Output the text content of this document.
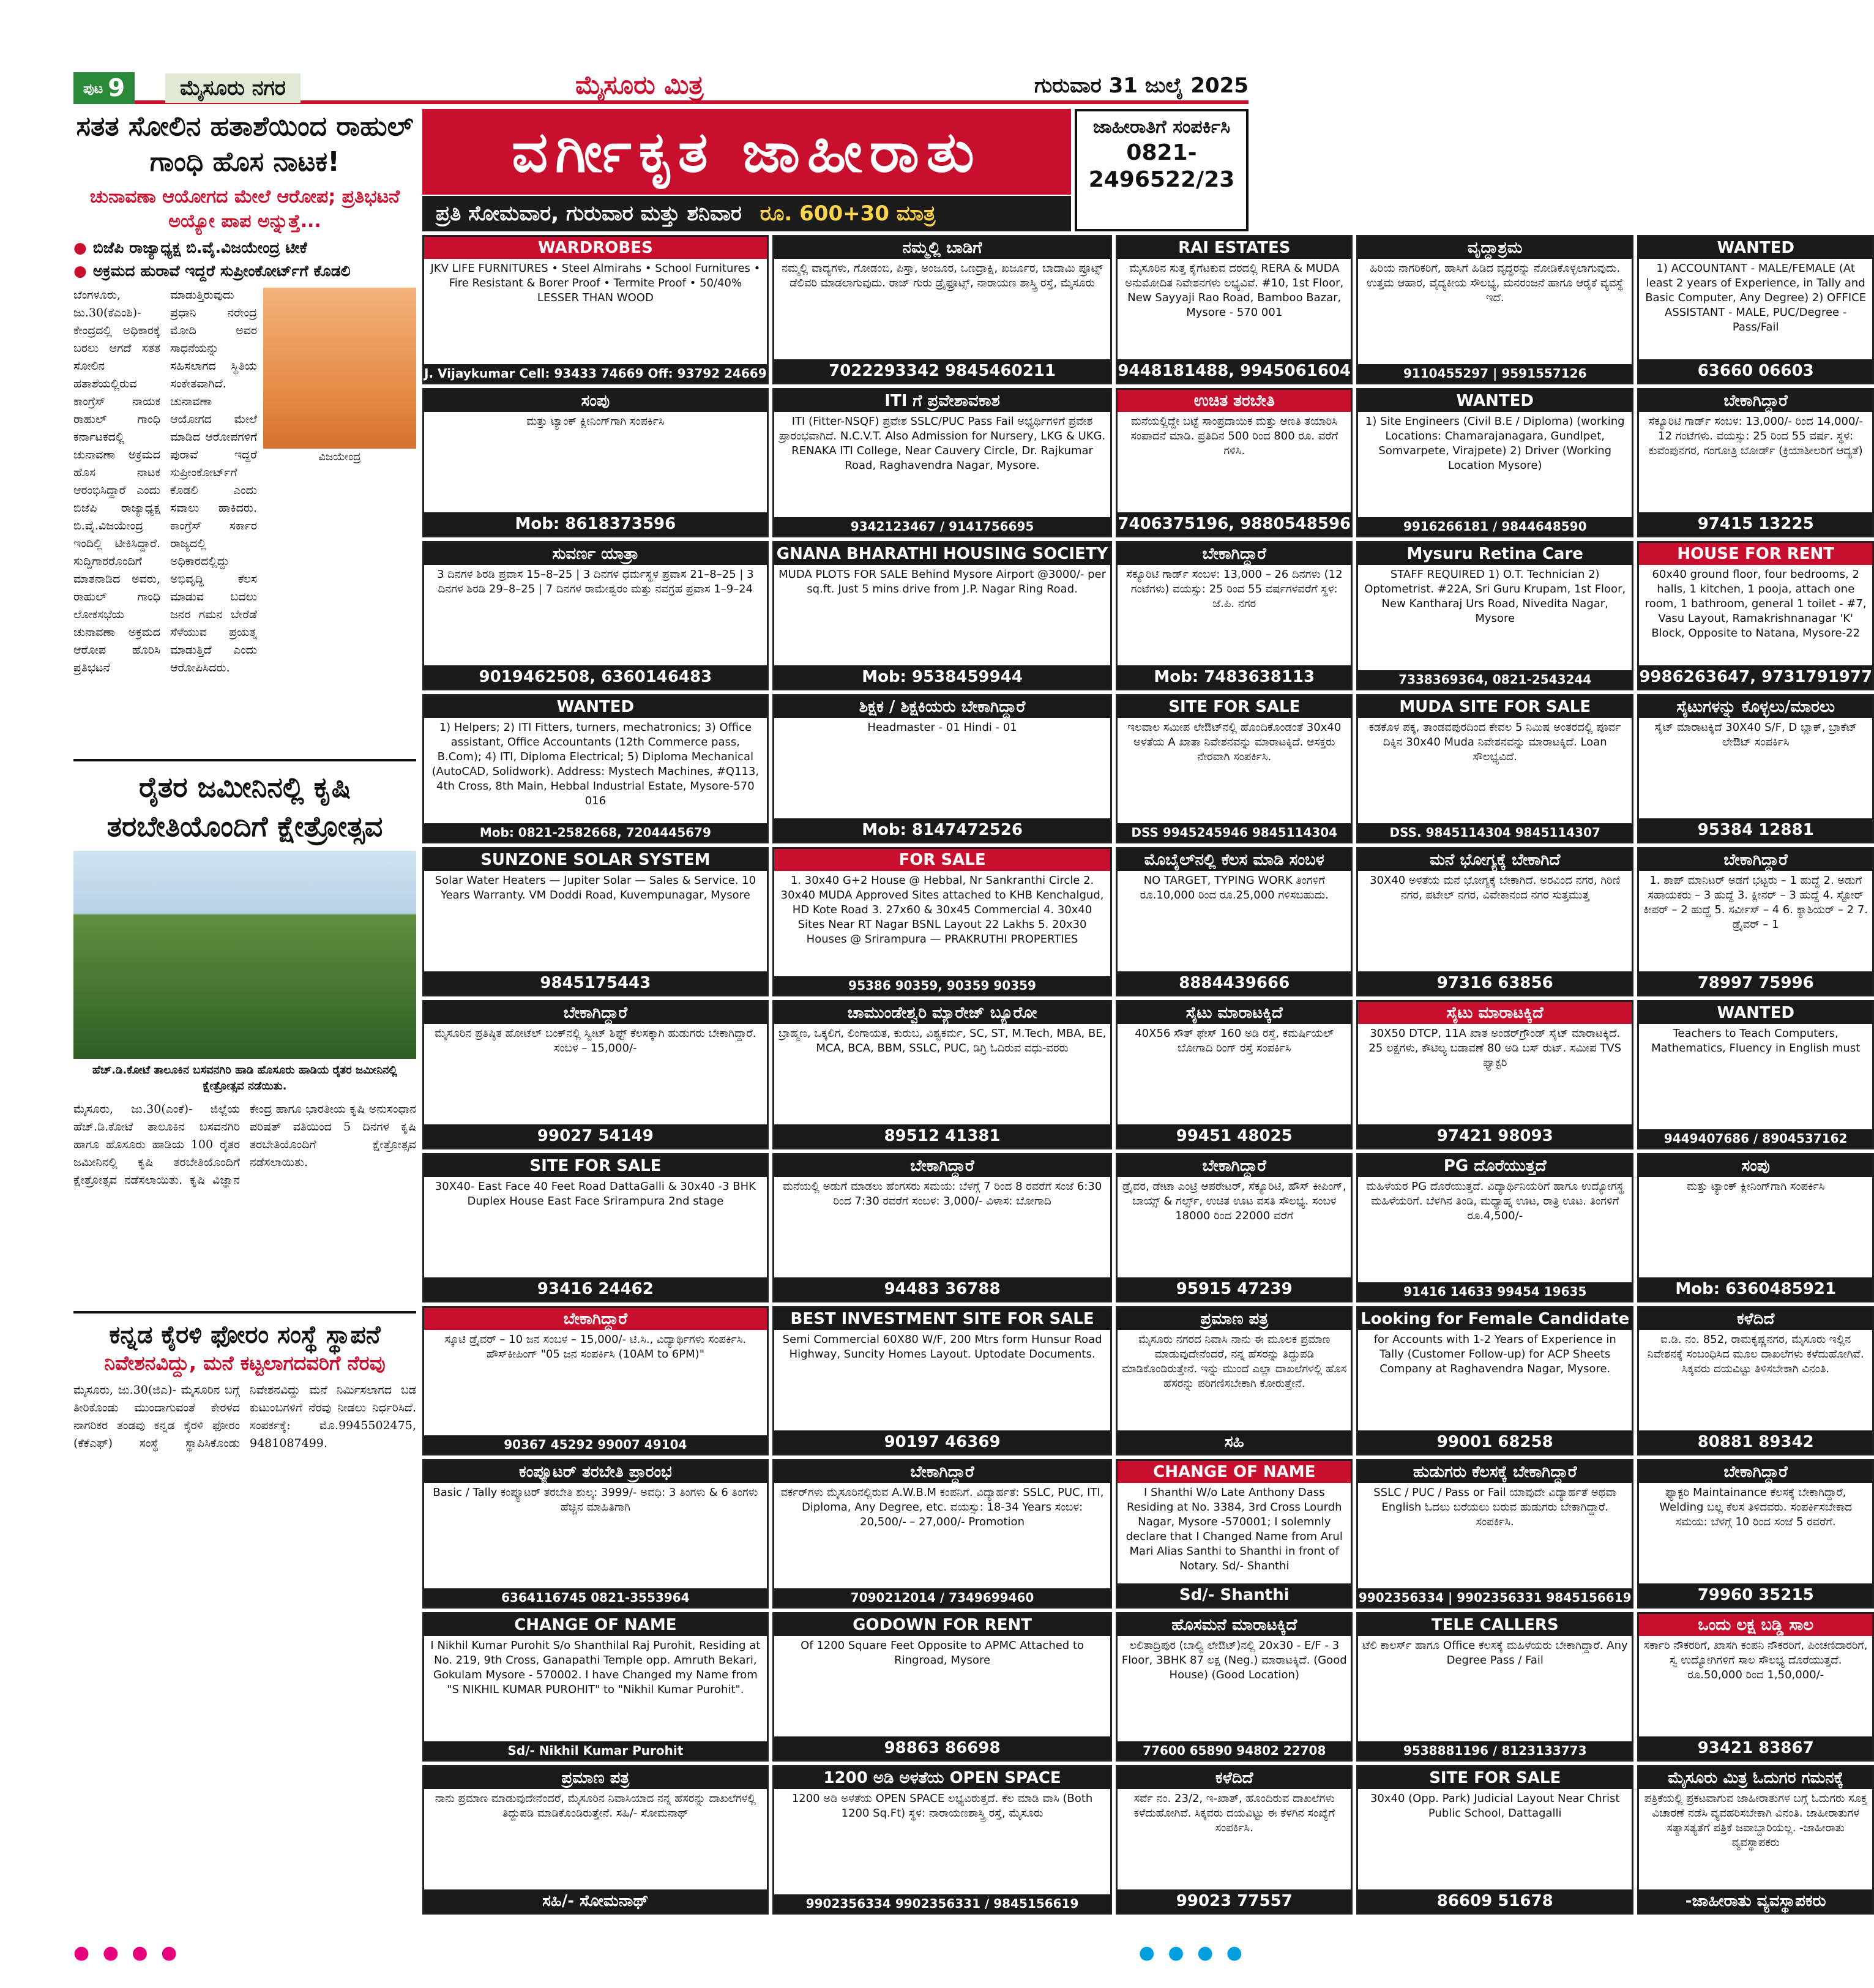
ಪುಟ 9	ಮೈಸೂರು ನಗರ	ಮೈಸೂರು ಮಿತ್ರ	ಗುರುವಾರ 31 ಜುಲೈ 2025
ಸತತ ಸೋಲಿನ ಹತಾಶೆಯಿಂದ ರಾಹುಲ್ ಗಾಂಧಿ ಹೊಸ ನಾಟಕ!
ಚುನಾವಣಾ ಆಯೋಗದ ಮೇಲೆ ಆರೋಪ; ಪ್ರತಿಭಟನೆ ಅಯ್ಯೋ ಪಾಪ ಅನ್ನುತ್ತೆ...
● ಬಿಜೆಪಿ ರಾಜ್ಯಾಧ್ಯಕ್ಷ ಬಿ.ವೈ.ವಿಜಯೇಂದ್ರ ಟೀಕೆ
● ಅಕ್ರಮದ ಹುರಾವೆ ಇದ್ದರೆ ಸುಪ್ರೀಂಕೋರ್ಟ್‌ಗೆ ಕೊಡಲಿ
ವಿಜಯೇಂದ್ರ
ಬೆಂಗಳೂರು, ಜು.30(ಕೆಎಂಶಿ)- ಕೇಂದ್ರದಲ್ಲಿ ಅಧಿಕಾರಕ್ಕೆ ಬರಲು ಆಗದೆ ಸತತ ಸೋಲಿನ ಹತಾಶೆಯಲ್ಲಿರುವ ಕಾಂಗ್ರೆಸ್ ನಾಯಕ ರಾಹುಲ್ ಗಾಂಧಿ ಕರ್ನಾಟಕದಲ್ಲಿ ಚುನಾವಣಾ ಅಕ್ರಮದ ಹೊಸ ನಾಟಕ ಆರಂಭಿಸಿದ್ದಾರೆ ಎಂದು ಬಿಜೆಪಿ ರಾಜ್ಯಾಧ್ಯಕ್ಷ ಬಿ.ವೈ.ವಿಜಯೇಂದ್ರ ಇಂದಿಲ್ಲಿ ಟೀಕಿಸಿದ್ದಾರೆ. ಸುದ್ದಿಗಾರರೊಂದಿಗೆ ಮಾತನಾಡಿದ ಅವರು, ರಾಹುಲ್ ಗಾಂಧಿ ಲೋಕಸಭೆಯ ಚುನಾವಣಾ ಅಕ್ರಮದ ಆರೋಪ ಹೊರಿಸಿ ಪ್ರತಿಭಟನೆ ಮಾಡುತ್ತಿರುವುದು ಪ್ರಧಾನಿ ನರೇಂದ್ರ ಮೋದಿ ಅವರ ಸಾಧನೆಯನ್ನು ಸಹಿಸಲಾಗದ ಸ್ಥಿತಿಯ ಸಂಕೇತವಾಗಿದೆ. ಚುನಾವಣಾ ಆಯೋಗದ ಮೇಲೆ ಮಾಡಿದ ಆರೋಪಗಳಿಗೆ ಪುರಾವೆ ಇದ್ದರೆ ಸುಪ್ರೀಂಕೋರ್ಟ್‌ಗೆ ಕೊಡಲಿ ಎಂದು ಸವಾಲು ಹಾಕಿದರು. ಕಾಂಗ್ರೆಸ್ ಸರ್ಕಾರ ರಾಜ್ಯದಲ್ಲಿ ಅಧಿಕಾರದಲ್ಲಿದ್ದು ಅಭಿವೃದ್ಧಿ ಕೆಲಸ ಮಾಡುವ ಬದಲು ಜನರ ಗಮನ ಬೇರೆಡೆ ಸೆಳೆಯುವ ಪ್ರಯತ್ನ ಮಾಡುತ್ತಿದೆ ಎಂದು ಆರೋಪಿಸಿದರು.
ರೈತರ ಜಮೀನಿನಲ್ಲಿ ಕೃಷಿ ತರಬೇತಿಯೊಂದಿಗೆ ಕ್ಷೇತ್ರೋತ್ಸವ
ಹೆಚ್.ಡಿ.ಕೋಟೆ ತಾಲೂಕಿನ ಬಸವನಗಿರಿ ಹಾಡಿ ಹೊಸೂರು ಹಾಡಿಯ ರೈತರ ಜಮೀನಿನಲ್ಲಿ ಕ್ಷೇತ್ರೋತ್ಸವ ನಡೆಯಿತು.
ಮೈಸೂರು, ಜು.30(ಎಂಕೆ)- ಜಿಲ್ಲೆಯ ಹೆಚ್.ಡಿ.ಕೋಟೆ ತಾಲೂಕಿನ ಬಸವನಗಿರಿ ಹಾಗೂ ಹೊಸೂರು ಹಾಡಿಯ 100 ರೈತರ ಜಮೀನಿನಲ್ಲಿ ಕೃಷಿ ತರಬೇತಿಯೊಂದಿಗೆ ಕ್ಷೇತ್ರೋತ್ಸವ ನಡೆಸಲಾಯಿತು. ಕೃಷಿ ವಿಜ್ಞಾನ ಕೇಂದ್ರ ಹಾಗೂ ಭಾರತೀಯ ಕೃಷಿ ಅನುಸಂಧಾನ ಪರಿಷತ್ ವತಿಯಿಂದ 5 ದಿನಗಳ ಕೃಷಿ ತರಬೇತಿಯೊಂದಿಗೆ ಕ್ಷೇತ್ರೋತ್ಸವ ನಡೆಸಲಾಯಿತು.
ಕನ್ನಡ ಕೈರಳಿ ಫೋರಂ ಸಂಸ್ಥೆ ಸ್ಥಾಪನೆ
ನಿವೇಶನವಿದ್ದು, ಮನೆ ಕಟ್ಟಲಾಗದವರಿಗೆ ನೆರವು
ಮೈಸೂರು, ಜು.30(ಜಿಎ)- ಮೈಸೂರಿನ ಬಗ್ಗೆ ತೀರಿಕೊಂಡು ಮುಂದಾಗುವಂತೆ ಕೇರಳದ ನಾಗರಿಕರ ತಂಡವು ಕನ್ನಡ ಕೈರಳಿ ಫೋರಂ (ಕೆಕೆಎಫ್) ಸಂಸ್ಥೆ ಸ್ಥಾಪಿಸಿಕೊಂಡು ನಿವೇಶನವಿದ್ದು ಮನೆ ನಿರ್ಮಿಸಲಾಗದ ಬಡ ಕುಟುಂಬಗಳಿಗೆ ನೆರವು ನೀಡಲು ನಿರ್ಧರಿಸಿದೆ. ಸಂಪರ್ಕಕ್ಕೆ: ಮೊ.9945502475, 9481087499.
ವರ್ಗೀಕೃತ ಜಾಹೀರಾತು
ಪ್ರತಿ ಸೋಮವಾರ, ಗುರುವಾರ ಮತ್ತು ಶನಿವಾರ ರೂ. 600+30 ಮಾತ್ರ
ಜಾಹೀರಾತಿಗೆ ಸಂಪರ್ಕಿಸಿ
0821-2496522/23
WARDROBES
JKV LIFE FURNITURES • Steel Almirahs • School Furnitures • Fire Resistant & Borer Proof • Termite Proof • 50/40% LESSER THAN WOOD
J. Vijaykumar Cell: 93433 74669 Off: 93792 24669
ನಮ್ಮಲ್ಲಿ ಬಾಡಿಗೆ
ನಮ್ಮಲ್ಲಿ ವಾದ್ಯಗಳು, ಗೋಡಂಬಿ, ಪಿಸ್ತಾ, ಅಂಜೂರ, ಒಣದ್ರಾಕ್ಷಿ, ಖರ್ಜೂರ, ಬಾದಾಮಿ ಪ್ರೂಟ್ಸ್ ಡೆಲಿವರಿ ಮಾಡಲಾಗುವುದು. ರಾಜ್ ಗುರು ಡ್ರೈಫ್ರೂಟ್ಸ್, ನಾರಾಯಣ ಶಾಸ್ತ್ರಿ ರಸ್ತೆ, ಮೈಸೂರು
7022293342 9845460211
RAI ESTATES
ಮೈಸೂರಿನ ಸುತ್ತ ಕೈಗೆಟಕುವ ದರದಲ್ಲಿ RERA & MUDA ಅನುಮೋದಿತ ನಿವೇಶನಗಳು ಲಭ್ಯವಿವೆ. #10, 1st Floor, New Sayyaji Rao Road, Bamboo Bazar, Mysore - 570 001
9448181488, 9945061604
ವೃದ್ಧಾಶ್ರಮ
ಹಿರಿಯ ನಾಗರಿಕರಿಗೆ, ಹಾಸಿಗೆ ಹಿಡಿದ ವೃದ್ಧರನ್ನು ನೋಡಿಕೊಳ್ಳಲಾಗುವುದು. ಉತ್ತಮ ಆಹಾರ, ವೈದ್ಯಕೀಯ ಸೌಲಭ್ಯ, ಮನರಂಜನೆ ಹಾಗೂ ಆರೈಕೆ ವ್ಯವಸ್ಥೆ ಇದೆ.
9110455297 | 9591557126
WANTED
1) ACCOUNTANT - MALE/FEMALE (At least 2 years of Experience, in Tally and Basic Computer, Any Degree) 2) OFFICE ASSISTANT - MALE, PUC/Degree - Pass/Fail
63660 06603
ಸಂಪು
ಮತ್ತು ಟ್ಯಾಂಕ್ ಕ್ಲೀನಿಂಗ್‌ಗಾಗಿ ಸಂಪರ್ಕಿಸಿ
Mob: 8618373596
ITI ಗೆ ಪ್ರವೇಶಾವಕಾಶ
ITI (Fitter-NSQF) ಪ್ರವೇಶ SSLC/PUC Pass Fail ಅಭ್ಯರ್ಥಿಗಳಿಗೆ ಪ್ರವೇಶ ಪ್ರಾರಂಭವಾಗಿದೆ. N.C.V.T. Also Admission for Nursery, LKG & UKG. RENAKA ITI College, Near Cauvery Circle, Dr. Rajkumar Road, Raghavendra Nagar, Mysore.
9342123467 / 9141756695
ಉಚಿತ ತರಬೇತಿ
ಮನೆಯಲ್ಲಿದ್ದೇ ಬಟ್ಟೆ ಸಾಂಪ್ರದಾಯಿಕ ಮತ್ತು ಆಣತಿ ತಯಾರಿಸಿ ಸಂಪಾದನೆ ಮಾಡಿ. ಪ್ರತಿದಿನ 500 ರಿಂದ 800 ರೂ. ವರೆಗೆ ಗಳಿಸಿ.
7406375196, 9880548596
WANTED
1) Site Engineers (Civil B.E / Diploma) (working Locations: Chamarajanagara, Gundlpet, Somvarpete, Virajpete) 2) Driver (Working Location Mysore)
9916266181 / 9844648590
ಬೇಕಾಗಿದ್ದಾರೆ
ಸೆಕ್ಯೂರಿಟಿ ಗಾರ್ಡ್ ಸಂಬಳ: 13,000/- ರಿಂದ 14,000/- 12 ಗಂಟೆಗಳು. ವಯಸ್ಸು: 25 ರಿಂದ 55 ವರ್ಷ. ಸ್ಥಳ: ಕುವೆಂಪುನಗರ, ಗಂಗೋತ್ರಿ ಬೋರ್ಡ್ (ಕ್ರಿಯಾಶೀಲರಿಗೆ ಆದ್ಯತೆ)
97415 13225
ಸುವರ್ಣ ಯಾತ್ರಾ
3 ದಿನಗಳ ಶಿರಡಿ ಪ್ರವಾಸ 15–8–25 | 3 ದಿನಗಳ ಧರ್ಮಸ್ಥಳ ಪ್ರವಾಸ 21–8–25 | 3 ದಿನಗಳ ಶಿರಡಿ 29–8–25 | 7 ದಿನಗಳ ರಾಮೇಶ್ವರಂ ಮತ್ತು ನವಗ್ರಹ ಪ್ರವಾಸ 1–9–24
9019462508, 6360146483
GNANA BHARATHI HOUSING SOCIETY
MUDA PLOTS FOR SALE Behind Mysore Airport @3000/- per sq.ft. Just 5 mins drive from J.P. Nagar Ring Road.
Mob: 9538459944
ಬೇಕಾಗಿದ್ದಾರೆ
ಸೆಕ್ಯೂರಿಟಿ ಗಾರ್ಡ್ ಸಂಬಳ: 13,000 – 26 ದಿನಗಳು (12 ಗಂಟೆಗಳು) ವಯಸ್ಸು: 25 ರಿಂದ 55 ವರ್ಷಗಳವರೆಗೆ ಸ್ಥಳ: ಜೆ.ಪಿ. ನಗರ
Mob: 7483638113
Mysuru Retina Care
STAFF REQUIRED 1) O.T. Technician 2) Optometrist. #22A, Sri Guru Krupam, 1st Floor, New Kantharaj Urs Road, Nivedita Nagar, Mysore
7338369364, 0821-2543244
HOUSE FOR RENT
60x40 ground floor, four bedrooms, 2 halls, 1 kitchen, 1 pooja, attach one room, 1 bathroom, general 1 toilet - #7, Vasu Layout, Ramakrishnanagar 'K' Block, Opposite to Natana, Mysore-22
9986263647, 9731791977
WANTED
1) Helpers; 2) ITI Fitters, turners, mechatronics; 3) Office assistant, Office Accountants (12th Commerce pass, B.Com); 4) ITI, Diploma Electrical; 5) Diploma Mechanical (AutoCAD, Solidwork). Address: Mystech Machines, #Q113, 4th Cross, 8th Main, Hebbal Industrial Estate, Mysore-570 016
Mob: 0821-2582668, 7204445679
ಶಿಕ್ಷಕ / ಶಿಕ್ಷಕಿಯರು ಬೇಕಾಗಿದ್ದಾರೆ
Headmaster - 01 Hindi - 01
Mob: 8147472526
SITE FOR SALE
ಇಲವಾಲ ಸಮೀಪ ಲೇಔಟ್‌ನಲ್ಲಿ ಹೊಂದಿಕೊಂಡಂತೆ 30x40 ಅಳತೆಯ A ಖಾತಾ ನಿವೇಶನವನ್ನು ಮಾರಾಟಕ್ಕಿದೆ. ಆಸಕ್ತರು ನೇರವಾಗಿ ಸಂಪರ್ಕಿಸಿ.
DSS 9945245946 9845114304
MUDA SITE FOR SALE
ಕಡಕೊಳ ಪಕ್ಕ, ತಾಂಡವಪುರದಿಂದ ಕೇವಲ 5 ನಿಮಿಷ ಅಂತರದಲ್ಲಿ ಪೂರ್ವ ದಿಕ್ಕಿನ 30x40 Muda ನಿವೇಶನವನ್ನು ಮಾರಾಟಕ್ಕಿದೆ. Loan ಸೌಲಭ್ಯವಿದೆ.
DSS. 9845114304 9845114307
ಸೈಟುಗಳನ್ನು ಕೊಳ್ಳಲು/ಮಾರಲು
ಸೈಟ್ ಮಾರಾಟಕ್ಕಿದೆ 30X40 S/F, D ಬ್ಲಾಕ್, ಬ್ರಾಕೆಟ್ ಲೇಔಟ್ ಸಂಪರ್ಕಿಸಿ
95384 12881
SUNZONE SOLAR SYSTEM
Solar Water Heaters — Jupiter Solar — Sales & Service. 10 Years Warranty. VM Doddi Road, Kuvempunagar, Mysore
9845175443
FOR SALE
1. 30x40 G+2 House @ Hebbal, Nr Sankranthi Circle 2. 30x40 MUDA Approved Sites attached to KHB Kenchalgud, HD Kote Road 3. 27x60 & 30x45 Commercial 4. 30x40 Sites Near RT Nagar BSNL Layout 22 Lakhs 5. 20x30 Houses @ Srirampura — PRAKRUTHI PROPERTIES
95386 90359, 90359 90359
ಮೊಬೈಲ್‌ನಲ್ಲಿ ಕೆಲಸ ಮಾಡಿ ಸಂಬಳ
NO TARGET, TYPING WORK ತಿಂಗಳಿಗೆ ರೂ.10,000 ರಿಂದ ರೂ.25,000 ಗಳಿಸಬಹುದು.
8884439666
ಮನೆ ಭೋಗ್ಯಕ್ಕೆ ಬೇಕಾಗಿದೆ
30X40 ಅಳತೆಯ ಮನೆ ಭೋಗ್ಯಕ್ಕೆ ಬೇಕಾಗಿದೆ. ಅರವಿಂದ ನಗರ, ಗಿರಿಣಿ ನಗರ, ಪಟೇಲ್ ನಗರ, ವಿವೇಕಾನಂದ ನಗರ ಸುತ್ತಮುತ್ತ
97316 63856
ಬೇಕಾಗಿದ್ದಾರೆ
1. ಶಾಪ್ ಮಾನಿಟರ್ ಅಡಗೆ ಭಟ್ಟರು – 1 ಹುದ್ದೆ 2. ಅಡುಗೆ ಸಹಾಯಕರು – 3 ಹುದ್ದೆ 3. ಕ್ಲೀನರ್ – 3 ಹುದ್ದೆ 4. ಸ್ಟೋರ್ ಕೀಪರ್ – 2 ಹುದ್ದೆ 5. ಸರ್ವೀಸ್ – 4 6. ಕ್ಯಾಶಿಯರ್ – 2 7. ಡ್ರೈವರ್ – 1
78997 75996
ಬೇಕಾಗಿದ್ದಾರೆ
ಮೈಸೂರಿನ ಪ್ರತಿಷ್ಠಿತ ಹೋಟೆಲ್ ಬಂಕ್‌ನಲ್ಲಿ ಸ್ವೀಟ್ ಶಿಫ್ಟ್ ಕೆಲಸಕ್ಕಾಗಿ ಹುಡುಗರು ಬೇಕಾಗಿದ್ದಾರೆ. ಸಂಬಳ – 15,000/-
99027 54149
ಚಾಮುಂಡೇಶ್ವರಿ ಮ್ಯಾರೇಜ್ ಬ್ಯೂರೋ
ಬ್ರಾಹ್ಮಣ, ಒಕ್ಕಲಿಗ, ಲಿಂಗಾಯತ, ಕುರುಬ, ವಿಶ್ವಕರ್ಮ, SC, ST, M.Tech, MBA, BE, MCA, BCA, BBM, SSLC, PUC, ಡಿಗ್ರಿ ಓದಿರುವ ವಧು-ವರರು
89512 41381
ಸೈಟು ಮಾರಾಟಕ್ಕಿದೆ
40X56 ಸೌತ್ ಫೇಸ್ 160 ಅಡಿ ರಸ್ತೆ, ಕಮರ್ಷಿಯಲ್ ಬೋಗಾದಿ ರಿಂಗ್ ರಸ್ತೆ ಸಂಪರ್ಕಿಸಿ
99451 48025
ಸೈಟು ಮಾರಾಟಕ್ಕಿದೆ
30X50 DTCP, 11A ಖಾತ ಅಂಡರ್‌ಗ್ರೌಂಡ್ ಸೈಟ್ ಮಾರಾಟಕ್ಕಿದೆ. 25 ಲಕ್ಷಗಳು, ಕೌಟಿಲ್ಯ ಬಡಾವಣೆ 80 ಅಡಿ ಬಸ್ ರುಟ್. ಸಮೀಪ TVS ಫ್ಯಾಕ್ಟರಿ
97421 98093
WANTED
Teachers to Teach Computers, Mathematics, Fluency in English must
9449407686 / 8904537162
SITE FOR SALE
30X40- East Face 40 Feet Road DattaGalli & 30x40 -3 BHK Duplex House East Face Srirampura 2nd stage
93416 24462
ಬೇಕಾಗಿದ್ದಾರೆ
ಮನೆಯಲ್ಲಿ ಅಡುಗೆ ಮಾಡಲು ಹೆಂಗಸರು ಸಮಯ: ಬೆಳಗ್ಗೆ 7 ರಿಂದ 8 ರವರೆಗೆ ಸಂಜೆ 6:30 ರಿಂದ 7:30 ರವರೆಗೆ ಸಂಬಳ: 3,000/- ವಿಳಾಸ: ಬೋಗಾದಿ
94483 36788
ಬೇಕಾಗಿದ್ದಾರೆ
ಡ್ರೈವರ, ಡೇಟಾ ಎಂಟ್ರಿ ಆಪರೇಟರ್, ಸೆಕ್ಯೂರಿಟಿ, ಹೌಸ್ ಕೀಪಿಂಗ್, ಬಾಯ್ಸ್ & ಗರ್ಲ್ಸ್, ಉಚಿತ ಊಟ ವಸತಿ ಸೌಲಭ್ಯ. ಸಂಬಳ 18000 ರಿಂದ 22000 ವರೆಗೆ
95915 47239
PG ದೊರೆಯುತ್ತದೆ
ಮಹಿಳೆಯರ PG ದೊರೆಯುತ್ತದೆ. ವಿದ್ಯಾರ್ಥಿನಿಯರಿಗೆ ಹಾಗೂ ಉದ್ಯೋಗಸ್ಥ ಮಹಿಳೆಯರಿಗೆ. ಬೆಳಗಿನ ತಿಂಡಿ, ಮಧ್ಯಾಹ್ನ ಊಟ, ರಾತ್ರಿ ಊಟ. ತಿಂಗಳಿಗೆ ರೂ.4,500/-
91416 14633 99454 19635
ಸಂಪು
ಮತ್ತು ಟ್ಯಾಂಕ್ ಕ್ಲೀನಿಂಗ್‌ಗಾಗಿ ಸಂಪರ್ಕಿಸಿ
Mob: 6360485921
ಬೇಕಾಗಿದ್ದಾರೆ
ಸ್ಕೂಟಿ ಡ್ರೈವರ್ – 10 ಜನ ಸಂಬಳ – 15,000/- ಟಿ.ಸಿ., ವಿದ್ಯಾರ್ಥಿಗಳು ಸಂಪರ್ಕಿಸಿ. ಹೌಸ್‌ಕೀಪಿಂಗ್ "05 ಜನ ಸಂಪರ್ಕಿಸಿ (10AM to 6PM)"
90367 45292 99007 49104
BEST INVESTMENT SITE FOR SALE
Semi Commercial 60X80 W/F, 200 Mtrs form Hunsur Road Highway, Suncity Homes Layout. Uptodate Documents.
90197 46369
ಪ್ರಮಾಣ ಪತ್ರ
ಮೈಸೂರು ನಗರದ ನಿವಾಸಿ ನಾನು ಈ ಮೂಲಕ ಪ್ರಮಾಣ ಮಾಡುವುದೇನೆಂದರೆ, ನನ್ನ ಹೆಸರನ್ನು ತಿದ್ದುಪಡಿ ಮಾಡಿಕೊಂಡಿರುತ್ತೇನೆ. ಇನ್ನು ಮುಂದೆ ಎಲ್ಲಾ ದಾಖಲೆಗಳಲ್ಲಿ ಹೊಸ ಹೆಸರನ್ನು ಪರಿಗಣಿಸಬೇಕಾಗಿ ಕೋರುತ್ತೇನೆ.
ಸಹಿ
Looking for Female Candidate
for Accounts with 1-2 Years of Experience in Tally (Customer Follow-up) for ACP Sheets Company at Raghavendra Nagar, Mysore.
99001 68258
ಕಳೆದಿದೆ
ಐ.ಡಿ. ನಂ. 852, ರಾಮಕೃಷ್ಣನಗರ, ಮೈಸೂರು ಇಲ್ಲಿನ ನಿವೇಶನಕ್ಕೆ ಸಂಬಂಧಿಸಿದ ಮೂಲ ದಾಖಲೆಗಳು ಕಳೆದುಹೋಗಿವೆ. ಸಿಕ್ಕವರು ದಯವಿಟ್ಟು ತಿಳಿಸಬೇಕಾಗಿ ವಿನಂತಿ.
80881 89342
ಕಂಪ್ಯೂಟರ್ ತರಬೇತಿ ಪ್ರಾರಂಭ
Basic / Tally ಕಂಪ್ಯೂಟರ್ ತರಬೇತಿ ಶುಲ್ಕ: 3999/- ಅವಧಿ: 3 ತಿಂಗಳು & 6 ತಿಂಗಳು ಹೆಚ್ಚಿನ ಮಾಹಿತಿಗಾಗಿ
6364116745 0821-3553964
ಬೇಕಾಗಿದ್ದಾರೆ
ವರ್ಕರ್‌ಗಳು ಮೈಸೂರಿನಲ್ಲಿರುವ A.W.B.M ಕಂಪನಿಗೆ. ವಿದ್ಯಾರ್ಹತೆ: SSLC, PUC, ITI, Diploma, Any Degree, etc. ವಯಸ್ಸು: 18-34 Years ಸಂಬಳ: 20,500/- – 27,000/- Promotion
7090212014 / 7349699460
CHANGE OF NAME
I Shanthi W/o Late Anthony Dass Residing at No. 3384, 3rd Cross Lourdh Nagar, Mysore -570001; I solemnly declare that I Changed Name from Arul Mari Alias Santhi to Shanthi in front of Notary. Sd/- Shanthi
Sd/- Shanthi
ಹುಡುಗರು ಕೆಲಸಕ್ಕೆ ಬೇಕಾಗಿದ್ದಾರೆ
SSLC / PUC / Pass or Fail ಯಾವುದೇ ವಿದ್ಯಾರ್ಹತೆ ಅಥವಾ English ಓದಲು ಬರೆಯಲು ಬರುವ ಹುಡುಗರು ಬೇಕಾಗಿದ್ದಾರೆ. ಸಂಪರ್ಕಿಸಿ.
9902356334 | 9902356331 9845156619
ಬೇಕಾಗಿದ್ದಾರೆ
ಫ್ಯಾಕ್ಟರಿ Maintainance ಕೆಲಸಕ್ಕೆ ಬೇಕಾಗಿದ್ದಾರೆ, Welding ಬಲ್ಲ ಕೆಲಸ ತಿಳಿದವರು. ಸಂಪರ್ಕಿಸಬೇಕಾದ ಸಮಯ: ಬೆಳಗ್ಗೆ 10 ರಿಂದ ಸಂಜೆ 5 ರವರೆಗೆ.
79960 35215
CHANGE OF NAME
I Nikhil Kumar Purohit S/o Shanthilal Raj Purohit, Residing at No. 219, 9th Cross, Ganapathi Temple opp. Amruth Bekari, Gokulam Mysore - 570002. I have Changed my Name from "S NIKHIL KUMAR PUROHIT" to "Nikhil Kumar Purohit".
Sd/- Nikhil Kumar Purohit
GODOWN FOR RENT
Of 1200 Square Feet Opposite to APMC Attached to Ringroad, Mysore
98863 86698
ಹೊಸಮನೆ ಮಾರಾಟಕ್ಕಿದೆ
ಲಲಿತಾದ್ರಿಪುರ (ಬಾಲ್ವಿ ಲೇಔಟ್)ನಲ್ಲಿ 20x30 - E/F - 3 Floor, 3BHK 87 ಲಕ್ಷ (Neg.) ಮಾರಾಟಕ್ಕಿದೆ. (Good House) (Good Location)
77600 65890 94802 22708
TELE CALLERS
ಟೆಲಿ ಕಾಲರ್ಸ್ ಹಾಗೂ Office ಕೆಲಸಕ್ಕೆ ಮಹಿಳೆಯರು ಬೇಕಾಗಿದ್ದಾರೆ. Any Degree Pass / Fail
9538881196 / 8123133773
ಒಂದು ಲಕ್ಷ ಬಡ್ಡಿ ಸಾಲ
ಸರ್ಕಾರಿ ನೌಕರರಿಗೆ, ಖಾಸಗಿ ಕಂಪನಿ ನೌಕರರಿಗೆ, ಪಿಂಚಣಿದಾರರಿಗೆ, ಸ್ವ ಉದ್ಯೋಗಿಗಳಿಗೆ ಸಾಲ ಸೌಲಭ್ಯ ದೊರೆಯುತ್ತದೆ. ರೂ.50,000 ರಿಂದ 1,50,000/-
93421 83867
ಪ್ರಮಾಣ ಪತ್ರ
ನಾನು ಪ್ರಮಾಣ ಮಾಡುವುದೇನೆಂದರೆ, ಮೈಸೂರಿನ ನಿವಾಸಿಯಾದ ನನ್ನ ಹೆಸರನ್ನು ದಾಖಲೆಗಳಲ್ಲಿ ತಿದ್ದುಪಡಿ ಮಾಡಿಕೊಂಡಿರುತ್ತೇನೆ. ಸಹಿ/- ಸೋಮನಾಥ್
ಸಹಿ/- ಸೋಮನಾಥ್
1200 ಅಡಿ ಅಳತೆಯ OPEN SPACE
1200 ಅಡಿ ಅಳತೆಯ OPEN SPACE ಲಭ್ಯವಿರುತ್ತದೆ. ಕೆಲ ಮಾಡಿ ವಾಸಿ (Both 1200 Sq.Ft) ಸ್ಥಳ: ನಾರಾಯಣಶಾಸ್ತ್ರಿ ರಸ್ತೆ, ಮೈಸೂರು
9902356334 9902356331 / 9845156619
ಕಳೆದಿದೆ
ಸರ್ವೆ ನಂ. 23/2, ಇ-ಖಾತ್, ಹೊಂದಿರುವ ದಾಖಲೆಗಳು ಕಳೆದುಹೋಗಿವೆ. ಸಿಕ್ಕವರು ದಯವಿಟ್ಟು ಈ ಕೆಳಗಿನ ಸಂಖ್ಯೆಗೆ ಸಂಪರ್ಕಿಸಿ.
99023 77557
SITE FOR SALE
30x40 (Opp. Park) Judicial Layout Near Christ Public School, Dattagalli
86609 51678
ಮೈಸೂರು ಮಿತ್ರ ಓದುಗರ ಗಮನಕ್ಕೆ
ಪತ್ರಿಕೆಯಲ್ಲಿ ಪ್ರಕಟವಾಗುವ ಜಾಹೀರಾತುಗಳ ಬಗ್ಗೆ ಓದುಗರು ಸೂಕ್ತ ವಿಚಾರಣೆ ನಡೆಸಿ ವ್ಯವಹರಿಸಬೇಕಾಗಿ ವಿನಂತಿ. ಜಾಹೀರಾತುಗಳ ಸತ್ಯಾಸತ್ಯತೆಗೆ ಪತ್ರಿಕೆ ಜವಾಬ್ದಾರಿಯಲ್ಲ. -ಜಾಹೀರಾತು ವ್ಯವಸ್ಥಾಪಕರು
-ಜಾಹೀರಾತು ವ್ಯವಸ್ಥಾಪಕರು
● ● ● ●	● ● ● ●
